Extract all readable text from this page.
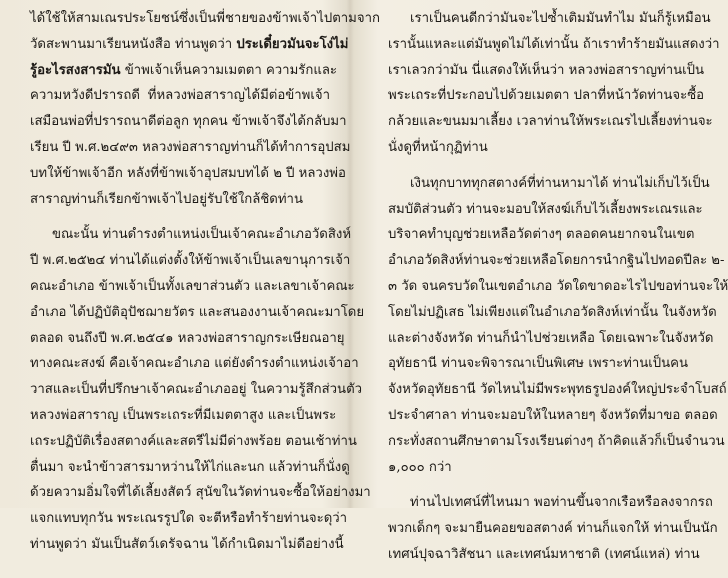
ได้ใช้ให้สามเณรประโยชน์ซึ่งเป็นพี่ชายของข้าพเจ้าไปตามจาก
วัดสะพานมาเรียนหนังสือ ท่านพูดว่า ประเดี๋ยวมันจะโง่ไม่
รู้อะไรสงสารมัน ข้าพเจ้าเห็นความเมตตา ความรักและ
ความหวังดีปรารถดี ที่หลวงพ่อสาราญได้มีต่อข้าพเจ้า
เสมือนพ่อที่ปรารถนาดีต่อลูก ทุกคน ข้าพเจ้าจึงได้กลับมา
เรียน ปี พ.ศ.๒๔๙๓ หลวงพ่อสาราญท่านก็ได้ทำการอุปสม
บทให้ข้าพเจ้าอีก หลังที่ข้าพเจ้าอุปสมบทได้ ๒ ปี หลวงพ่อ
สาราญท่านก็เรียกข้าพเจ้าไปอยู่รับใช้ใกล้ชิดท่าน
ขณะนั้น ท่านดำรงตำแหน่งเป็นเจ้าคณะอำเภอวัดสิงห์
ปี พ.ศ.๒๕๒๔ ท่านได้แต่งตั้งให้ข้าพเจ้าเป็นเลขานุการเจ้า
คณะอำเภอ ข้าพเจ้าเป็นทั้งเลขาส่วนตัว และเลขาเจ้าคณะ
อำเภอ ได้ปฏิบัติอุปัชฌายวัตร และสนองงานเจ้าคณะมาโดย
ตลอด จนถึงปี พ.ศ.๒๕๔๑ หลวงพ่อสาราญกระเษียณอายุ
ทางคณะสงฆ์ คือเจ้าคณะอำเภอ แต่ยังดำรงตำแหน่งเจ้าอา
วาสและเป็นที่ปรึกษาเจ้าคณะอำเภออยู่ ในความรู้สึกส่วนตัว
หลวงพ่อสาราญ เป็นพระเถระที่มีเมตตาสูง และเป็นพระ
เถระปฏิบัติเรื่องสตางค์และสตรีไม่มีด่างพร้อย ตอนเช้าท่าน
ตื่นมา จะนำข้าวสารมาหว่านให้ไก่และนก แล้วท่านก็นั่งดู
ด้วยความอิ่มใจที่ได้เลี้ยงสัตว์ สุนัขในวัดท่านจะซื้อให้อย่างมา
แจกแทบทุกวัน พระเณรรูปใด จะตีหรือทำร้ายท่านจะดุว่า
ท่านพูดว่า มันเป็นสัตว์เดรัจฉาน ได้กำเนิดมาไม่ดีอย่างนี้
เราเป็นคนดีกว่ามันจะไปซ้ำเติมมันทำไม มันก็รู้เหมือน
เรานั้นแหละแต่มันพูดไม่ได้เท่านั้น ถ้าเราทำร้ายมันแสดงว่า
เราเลวกว่ามัน นี่แสดงให้เห็นว่า หลวงพ่อสาราญท่านเป็น
พระเถระที่ประกอบไปด้วยเมตตา ปลาที่หน้าวัดท่านจะซื้อ
กล้วยและขนมมาเลี้ยง เวลาท่านให้พระเณรไปเลี้ยงท่านจะ
นั่งดูที่หน้ากุฏิท่าน
เงินทุกบาททุกสตางค์ที่ท่านหามาได้ ท่านไม่เก็บไว้เป็น
สมบัติส่วนตัว ท่านจะมอบให้สงฆ์เก็บไว้เลี้ยงพระเณรและ
บริจาคทำบุญช่วยเหลือวัดต่างๆ ตลอดคนยากจนในเขต
อำเภอวัดสิงห์ท่านจะช่วยเหลือโดยการนำกฐินไปทอดปีละ ๒-
๓ วัด จนครบวัดในเขตอำเภอ วัดใดขาดอะไรไปขอท่านจะให้
โดยไม่ปฏิเสธ ไม่เพียงแต่ในอำเภอวัดสิงห์เท่านั้น ในจังหวัด
และต่างจังหวัด ท่านก็นำไปช่วยเหลือ โดยเฉพาะในจังหวัด
อุทัยธานี ท่านจะพิจารณาเป็นพิเศษ เพราะท่านเป็นคน
จังหวัดอุทัยธานี วัดไหนไม่มีพระพุทธรูปองค์ใหญ่ประจำโบสถ์
ประจำศาลา ท่านจะมอบให้ในหลายๆ จังหวัดที่มาขอ ตลอด
กระทั่งสถานศึกษาตามโรงเรียนต่างๆ ถ้าคิดแล้วก็เป็นจำนวน
๑,๐๐๐ กว่า
ท่านไปเทศน์ที่ไหนมา พอท่านขึ้นจากเรือหรือลงจากรถ
พวกเด็กๆ จะมายืนคอยขอสตางค์ ท่านก็แจกให้ ท่านเป็นนัก
เทศน์ปุจฉาวิสัชนา และเทศน์มหาชาติ (เทศน์แหล่) ท่าน
